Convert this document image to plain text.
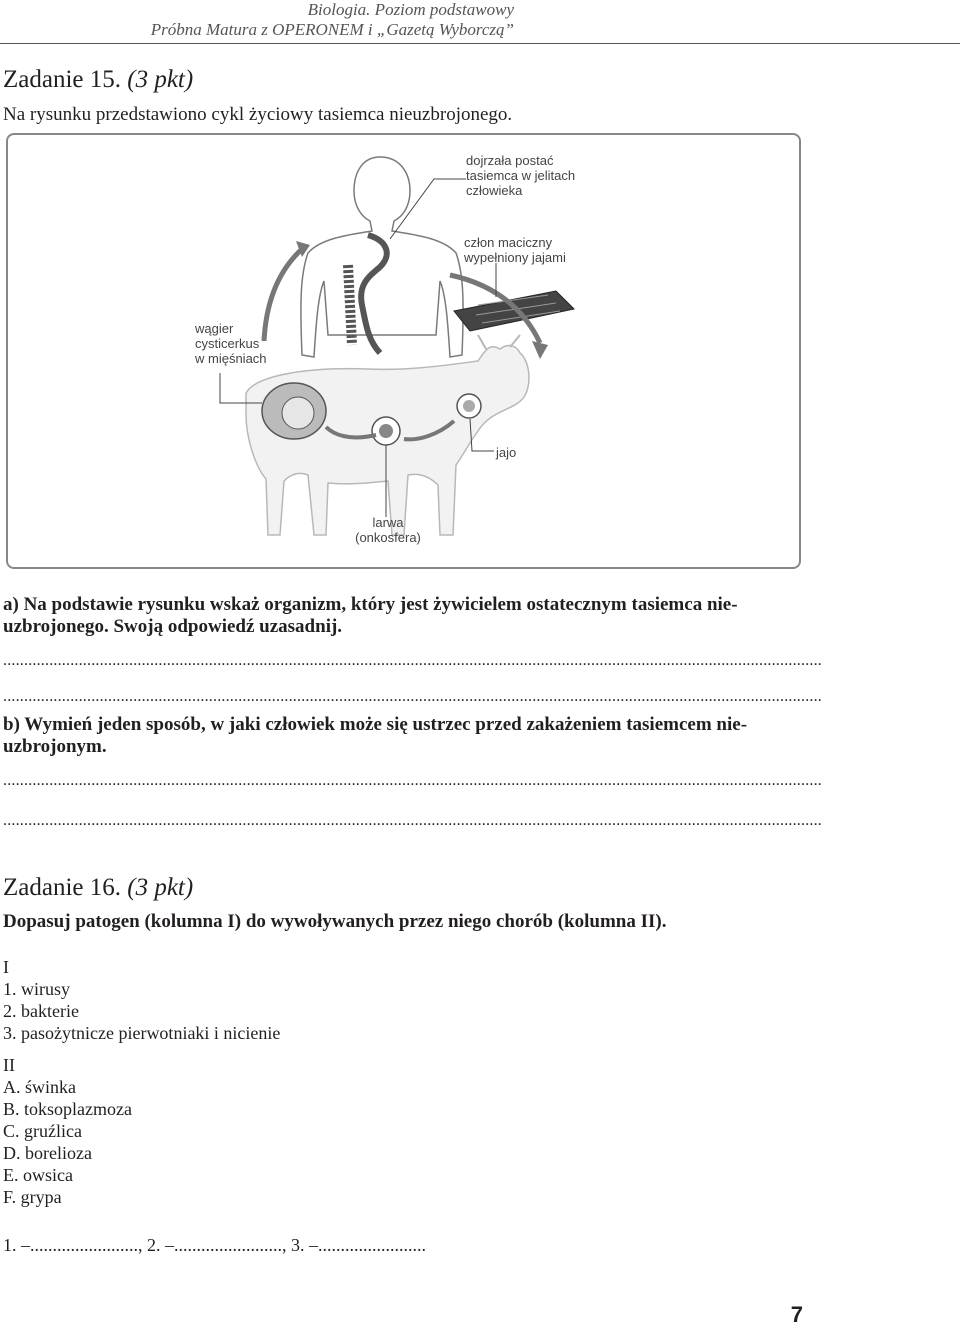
Biologia. Poziom podstawowy
Próbna Matura z OPERONEM i „Gazetą Wyborczą”
Zadanie 15. (3 pkt)
Na rysunku przedstawiono cykl życiowy tasiemca nieuzbrojonego.
dojrzała postać
tasiemca w jelitach
człowieka
człon maciczny
wypełniony jajami
wągier
cysticerkus
w mięśniach
jajo
larwa
(onkosfera)
a) Na podstawie rysunku wskaż organizm, który jest żywicielem ostatecznym tasiemca nie-
uzbrojonego. Swoją odpowiedź uzasadnij.
...................................................................................................................................................................................................
...................................................................................................................................................................................................
b) Wymień jeden sposób, w jaki człowiek może się ustrzec przed zakażeniem tasiemcem nie-
uzbrojonym.
...................................................................................................................................................................................................
...................................................................................................................................................................................................
Zadanie 16. (3 pkt)
Dopasuj patogen (kolumna I) do wywoływanych przez niego chorób (kolumna II).
I
1. wirusy
2. bakterie
3. pasożytnicze pierwotniaki i nicienie
II
A. świnka
B. toksoplazmoza
C. gruźlica
D. borelioza
E. owsica
F. grypa
1. –........................, 2. –........................, 3. –........................
7
